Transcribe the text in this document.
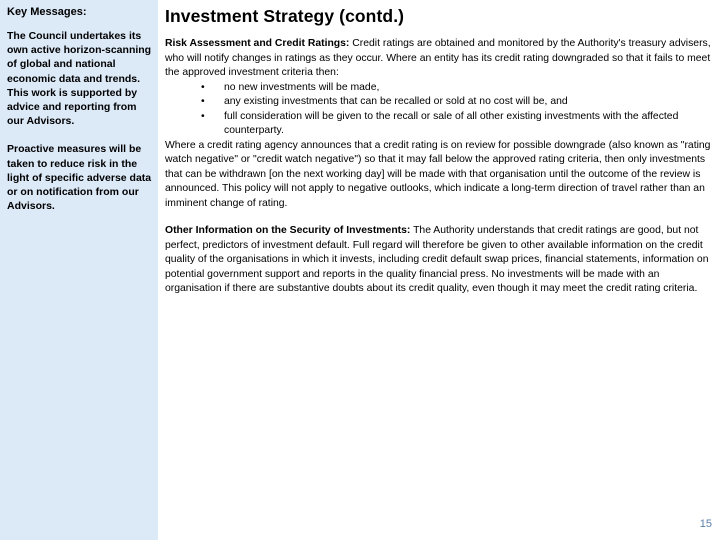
Key Messages:

The Council undertakes its own active horizon-scanning of global and national economic data and trends. This work is supported by advice and reporting from our Advisors.

Proactive measures will be taken to reduce risk in the light of specific adverse data or on notification from our Advisors.

Investment Strategy (contd.)

Risk Assessment and Credit Ratings: Credit ratings are obtained and monitored by the Authority's treasury advisers, who will notify changes in ratings as they occur. Where an entity has its credit rating downgraded so that it fails to meet the approved investment criteria then:

• no new investments will be made,
• any existing investments that can be recalled or sold at no cost will be, and
• full consideration will be given to the recall or sale of all other existing investments with the affected counterparty.

Where a credit rating agency announces that a credit rating is on review for possible downgrade (also known as "rating watch negative" or "credit watch negative") so that it may fall below the approved rating criteria, then only investments that can be withdrawn [on the next working day] will be made with that organisation until the outcome of the review is announced. This policy will not apply to negative outlooks, which indicate a long-term direction of travel rather than an imminent change of rating.

Other Information on the Security of Investments: The Authority understands that credit ratings are good, but not perfect, predictors of investment default. Full regard will therefore be given to other available information on the credit quality of the organisations in which it invests, including credit default swap prices, financial statements, information on potential government support and reports in the quality financial press. No investments will be made with an organisation if there are substantive doubts about its credit quality, even though it may meet the credit rating criteria.

15
